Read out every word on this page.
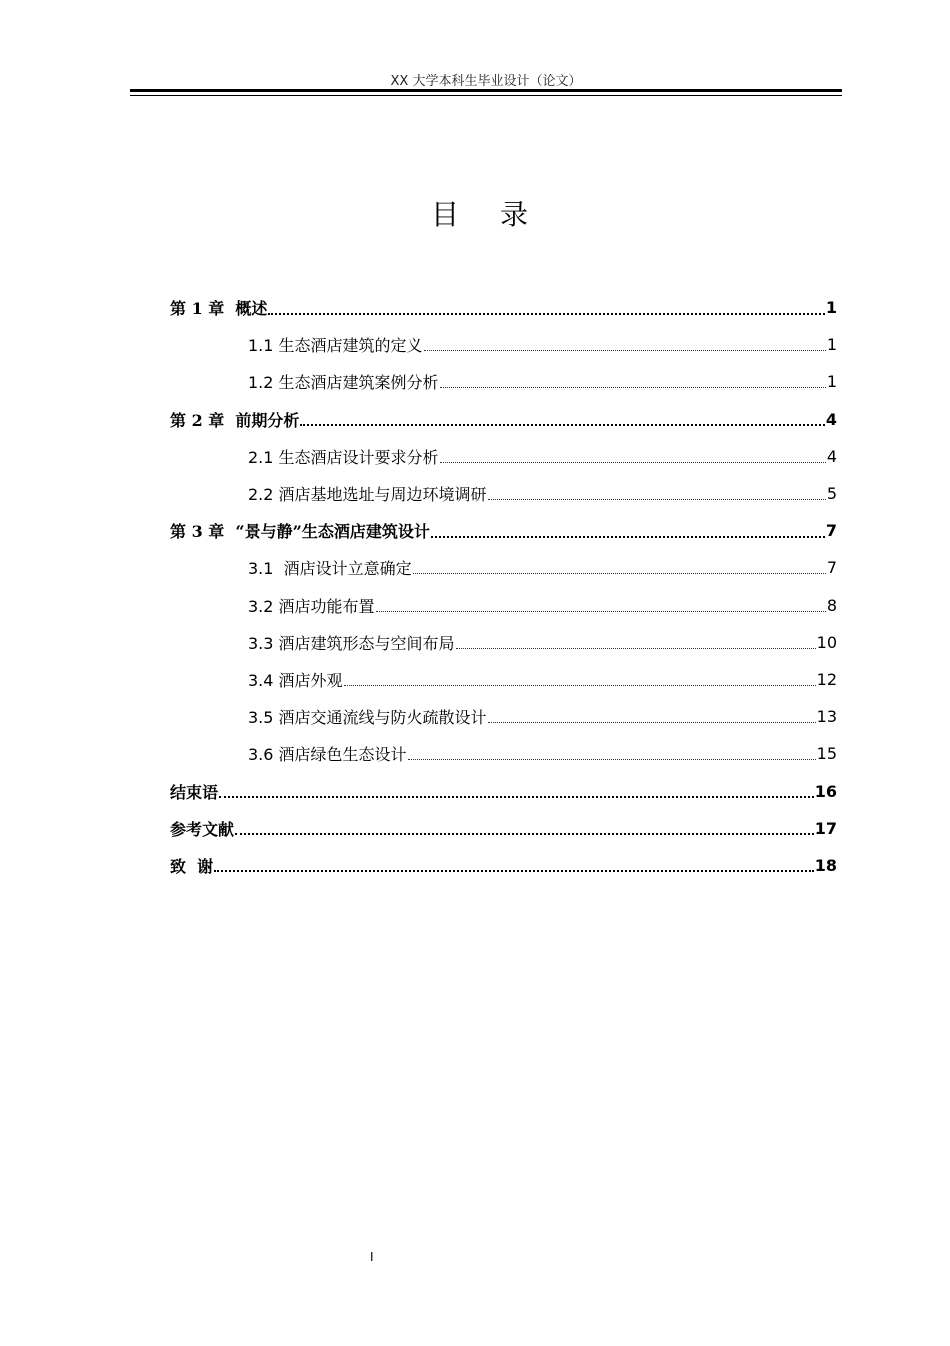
XX 大学本科生毕业设计（论文）
目 录
第 1 章  概述	1
1.1 生态酒店建筑的定义	1
1.2 生态酒店建筑案例分析	1
第 2 章  前期分析	4
2.1 生态酒店设计要求分析	4
2.2 酒店基地选址与周边环境调研	5
第 3 章  “景与静”生态酒店建筑设计	7
3.1  酒店设计立意确定	7
3.2 酒店功能布置	8
3.3 酒店建筑形态与空间布局	10
3.4 酒店外观	12
3.5 酒店交通流线与防火疏散设计	13
3.6 酒店绿色生态设计	15
结束语	16
参考文献	17
致  谢	18
I
